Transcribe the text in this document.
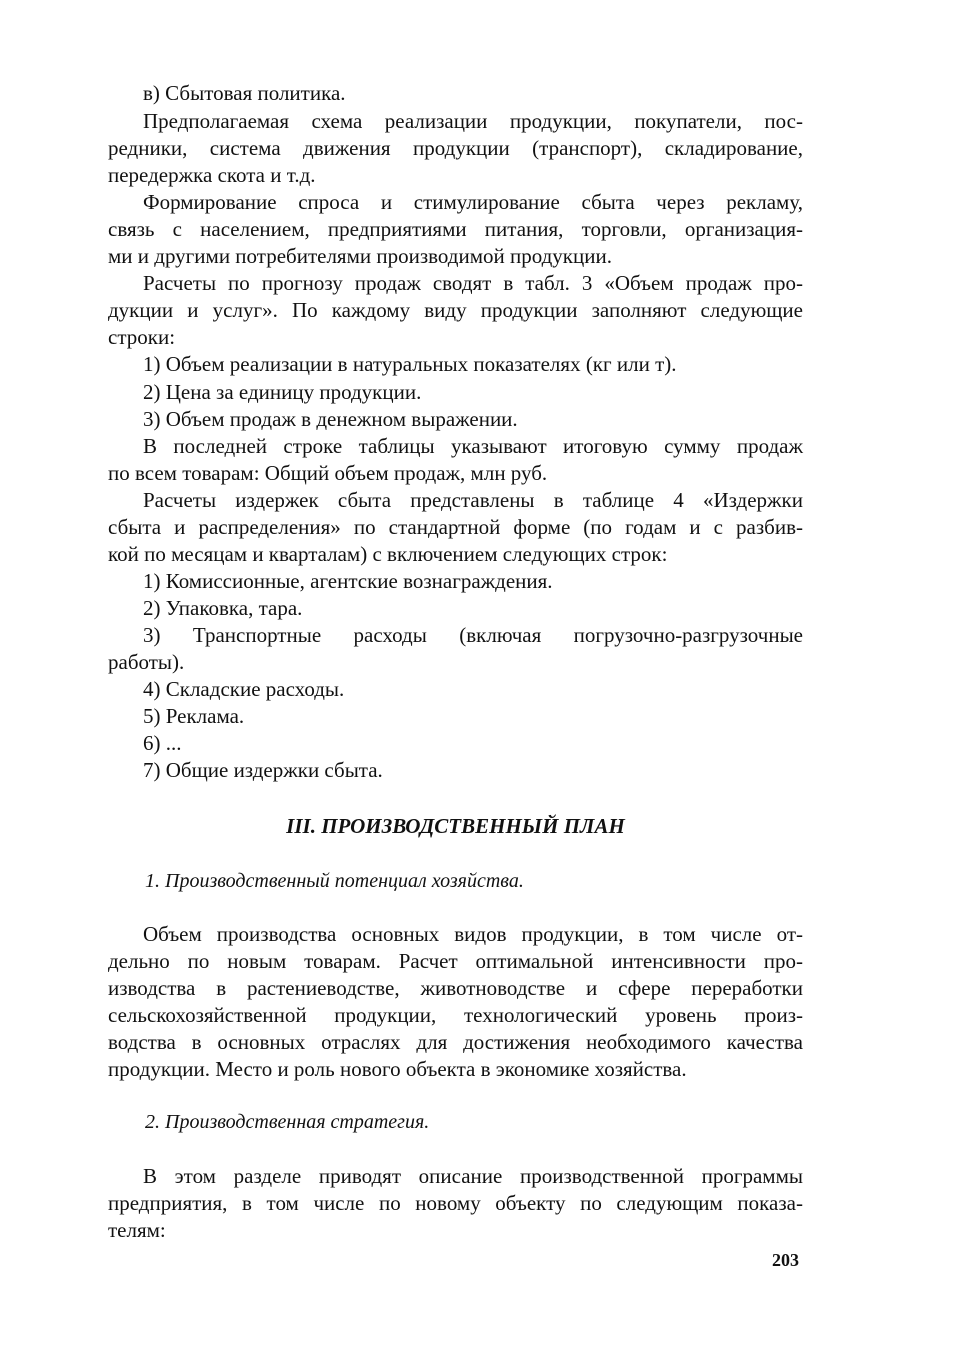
в) Сбытовая политика.
Предполагаемая схема реализации продукции, покупатели, пос-
редники, система движения продукции (транспорт), складирование,
передержка скота и т.д.
Формирование спроса и стимулирование сбыта через рекламу,
связь с населением, предприятиями питания, торговли, организация-
ми и другими потребителями производимой продукции.
Расчеты по прогнозу продаж сводят в табл. 3 «Объем продаж про-
дукции и услуг». По каждому виду продукции заполняют следующие
строки:
1) Объем реализации в натуральных показателях (кг или т).
2) Цена за единицу продукции.
3) Объем продаж в денежном выражении.
В последней строке таблицы указывают итоговую сумму продаж
по всем товарам: Общий объем продаж, млн руб.
Расчеты издержек сбыта представлены в таблице 4 «Издержки
сбыта и распределения» по стандартной форме (по годам и с разбив-
кой по месяцам и кварталам) с включением следующих строк:
1) Комиссионные, агентские вознаграждения.
2) Упаковка, тара.
3) Транспортные расходы (включая погрузочно-разгрузочные
работы).
4) Складские расходы.
5) Реклама.
6) ...
7) Общие издержки сбыта.
III. ПРОИЗВОДСТВЕННЫЙ ПЛАН
1. Производственный потенциал хозяйства.
Объем производства основных видов продукции, в том числе от-
дельно по новым товарам. Расчет оптимальной интенсивности про-
изводства в растениеводстве, животноводстве и сфере переработки
сельскохозяйственной продукции, технологический уровень произ-
водства в основных отраслях для достижения необходимого качества
продукции. Место и роль нового объекта в экономике хозяйства.
2. Производственная стратегия.
В этом разделе приводят описание производственной программы
предприятия, в том числе по новому объекту по следующим показа-
телям:
203
